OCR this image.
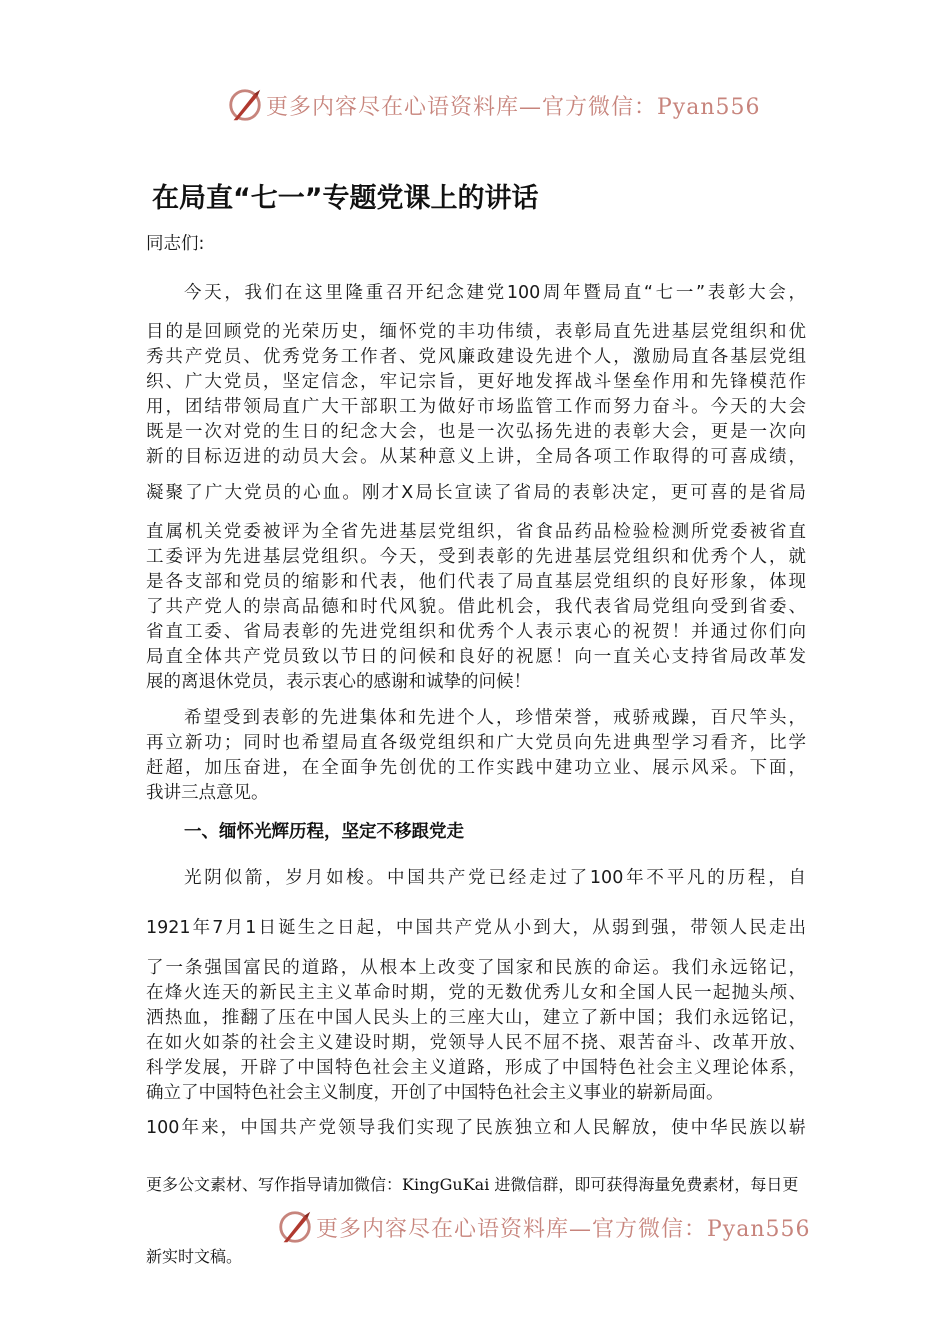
更多内容尽在心语资料库—官方微信：Pyan556
在局直“七一”专题党课上的讲话

同志们:

今天，我们在这里隆重召开纪念建党100周年暨局直“七一”表彰大会，

目的是回顾党的光荣历史，缅怀党的丰功伟绩，表彰局直先进基层党组织和优

秀共产党员、优秀党务工作者、党风廉政建设先进个人，激励局直各基层党组

织、广大党员，坚定信念，牢记宗旨，更好地发挥战斗堡垒作用和先锋模范作

用，团结带领局直广大干部职工为做好市场监管工作而努力奋斗。今天的大会

既是一次对党的生日的纪念大会，也是一次弘扬先进的表彰大会，更是一次向

新的目标迈进的动员大会。从某种意义上讲，全局各项工作取得的可喜成绩，

凝聚了广大党员的心血。刚才X局长宣读了省局的表彰决定，更可喜的是省局

直属机关党委被评为全省先进基层党组织，省食品药品检验检测所党委被省直

工委评为先进基层党组织。今天，受到表彰的先进基层党组织和优秀个人，就

是各支部和党员的缩影和代表，他们代表了局直基层党组织的良好形象，体现

了共产党人的崇高品德和时代风貌。借此机会，我代表省局党组向受到省委、

省直工委、省局表彰的先进党组织和优秀个人表示衷心的祝贺！并通过你们向

局直全体共产党员致以节日的问候和良好的祝愿！向一直关心支持省局改革发

展的离退休党员，表示衷心的感谢和诚挚的问候！

希望受到表彰的先进集体和先进个人，珍惜荣誉，戒骄戒躁，百尺竿头，

再立新功；同时也希望局直各级党组织和广大党员向先进典型学习看齐，比学

赶超，加压奋进，在全面争先创优的工作实践中建功立业、展示风采。下面，

我讲三点意见。

一、缅怀光辉历程，坚定不移跟党走

光阴似箭，岁月如梭。中国共产党已经走过了100年不平凡的历程，自

1921年7月1日诞生之日起，中国共产党从小到大，从弱到强，带领人民走出

了一条强国富民的道路，从根本上改变了国家和民族的命运。我们永远铭记，

在烽火连天的新民主主义革命时期，党的无数优秀儿女和全国人民一起抛头颅、

洒热血，推翻了压在中国人民头上的三座大山，建立了新中国；我们永远铭记，

在如火如荼的社会主义建设时期，党领导人民不屈不挠、艰苦奋斗、改革开放、

科学发展，开辟了中国特色社会主义道路，形成了中国特色社会主义理论体系，

确立了中国特色社会主义制度，开创了中国特色社会主义事业的崭新局面。

100年来，中国共产党领导我们实现了民族独立和人民解放，使中华民族以崭

更多公文素材、写作指导请加微信：KingGuKai 进微信群，即可获得海量免费素材，每日更

更多内容尽在心语资料库—官方微信：Pyan556

新实时文稿。
